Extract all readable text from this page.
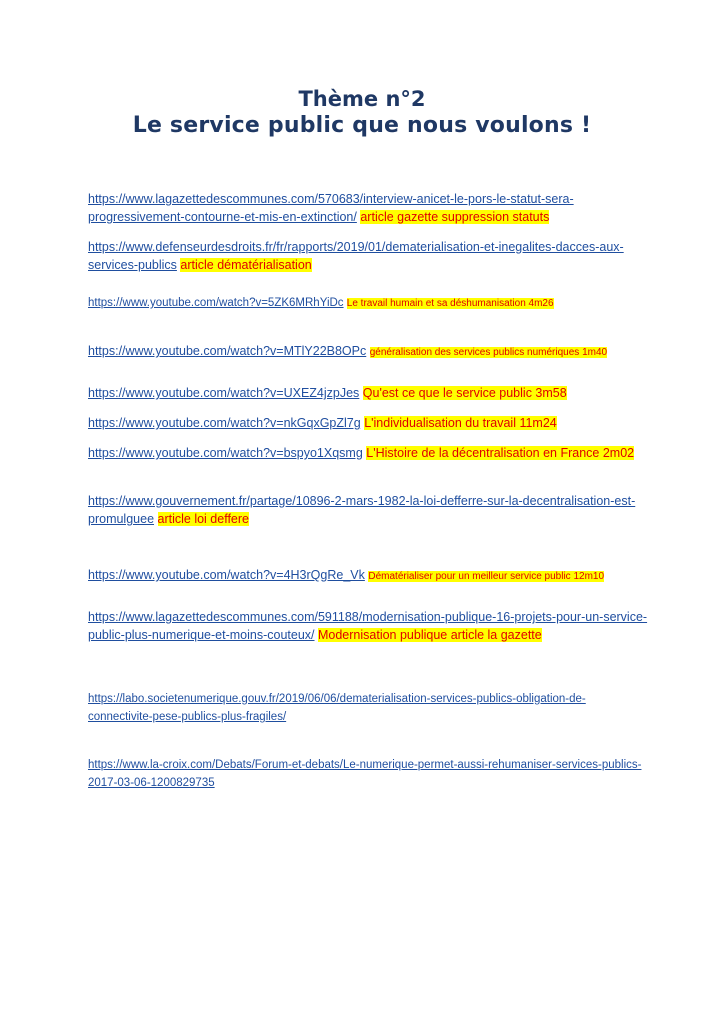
Thème n°2
Le service public que nous voulons !
https://www.lagazettedescommunes.com/570683/interview-anicet-le-pors-le-statut-sera-progressivement-contourne-et-mis-en-extinction/ article gazette suppression statuts
https://www.defenseurdesdroits.fr/fr/rapports/2019/01/dematerialisation-et-inegalites-dacces-aux-services-publics article dématérialisation
https://www.youtube.com/watch?v=5ZK6MRhYiDc Le travail humain et sa déshumanisation 4m26
https://www.youtube.com/watch?v=MTlY22B8OPc généralisation des services publics numériques 1m40
https://www.youtube.com/watch?v=UXEZ4jzpJes Qu'est ce que le service public 3m58
https://www.youtube.com/watch?v=nkGqxGpZl7g L'individualisation du travail 11m24
https://www.youtube.com/watch?v=bspyo1Xqsmg L'Histoire de la décentralisation en France 2m02
https://www.gouvernement.fr/partage/10896-2-mars-1982-la-loi-defferre-sur-la-decentralisation-est-promulguee article loi deffere
https://www.youtube.com/watch?v=4H3rQgRe_Vk Dématérialiser pour un meilleur service public 12m10
https://www.lagazettedescommunes.com/591188/modernisation-publique-16-projets-pour-un-service-public-plus-numerique-et-moins-couteux/ Modernisation publique article la gazette
https://labo.societenumerique.gouv.fr/2019/06/06/dematerialisation-services-publics-obligation-de-connectivite-pese-publics-plus-fragiles/
https://www.la-croix.com/Debats/Forum-et-debats/Le-numerique-permet-aussi-rehumaniser-services-publics-2017-03-06-1200829735
